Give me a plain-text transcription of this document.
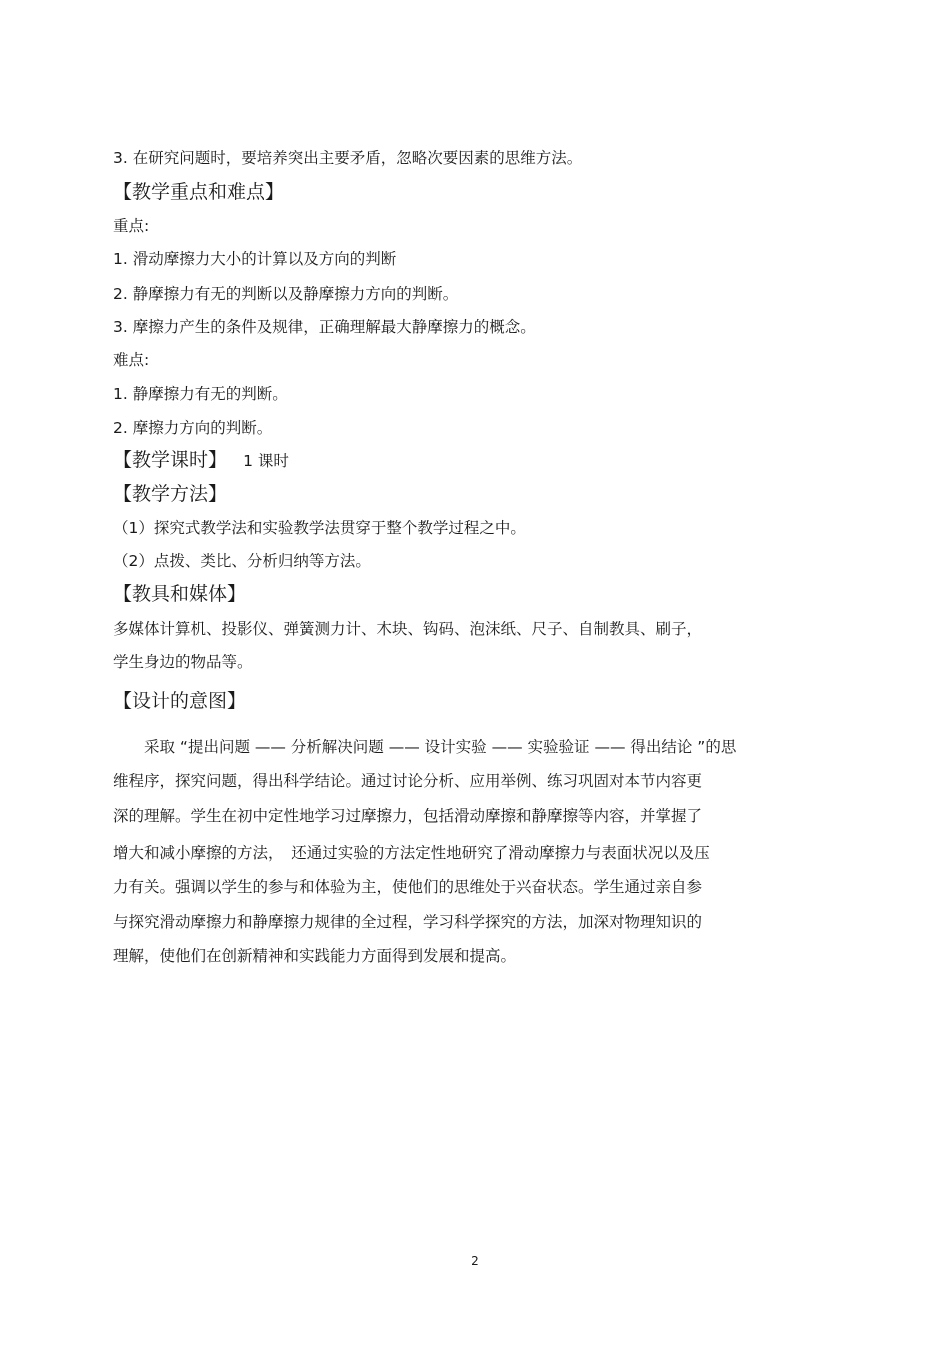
3. 在研究问题时，要培养突出主要矛盾，忽略次要因素的思维方法。
【教学重点和难点】
重点:
1. 滑动摩擦力大小的计算以及方向的判断
2. 静摩擦力有无的判断以及静摩擦力方向的判断。
3. 摩擦力产生的条件及规律，正确理解最大静摩擦力的概念。
难点:
1. 静摩擦力有无的判断。
2. 摩擦力方向的判断。
【教学课时】 1 课时
【教学方法】
（1）探究式教学法和实验教学法贯穿于整个教学过程之中。
（2）点拨、类比、分析归纳等方法。
【教具和媒体】
多媒体计算机、投影仪、弹簧测力计、木块、钩码、泡沫纸、尺子、自制教具、刷子，
学生身边的物品等。
【设计的意图】
　　采取 “提出问题 —— 分析解决问题 —— 设计实验 —— 实验验证 —— 得出结论 ”的思
维程序，探究问题，得出科学结论。通过讨论分析、应用举例、练习巩固对本节内容更
深的理解。学生在初中定性地学习过摩擦力，包括滑动摩擦和静摩擦等内容，并掌握了
增大和减小摩擦的方法，　还通过实验的方法定性地研究了滑动摩擦力与表面状况以及压
力有关。强调以学生的参与和体验为主，使他们的思维处于兴奋状态。学生通过亲自参
与探究滑动摩擦力和静摩擦力规律的全过程，学习科学探究的方法，加深对物理知识的
理解，使他们在创新精神和实践能力方面得到发展和提高。
2
